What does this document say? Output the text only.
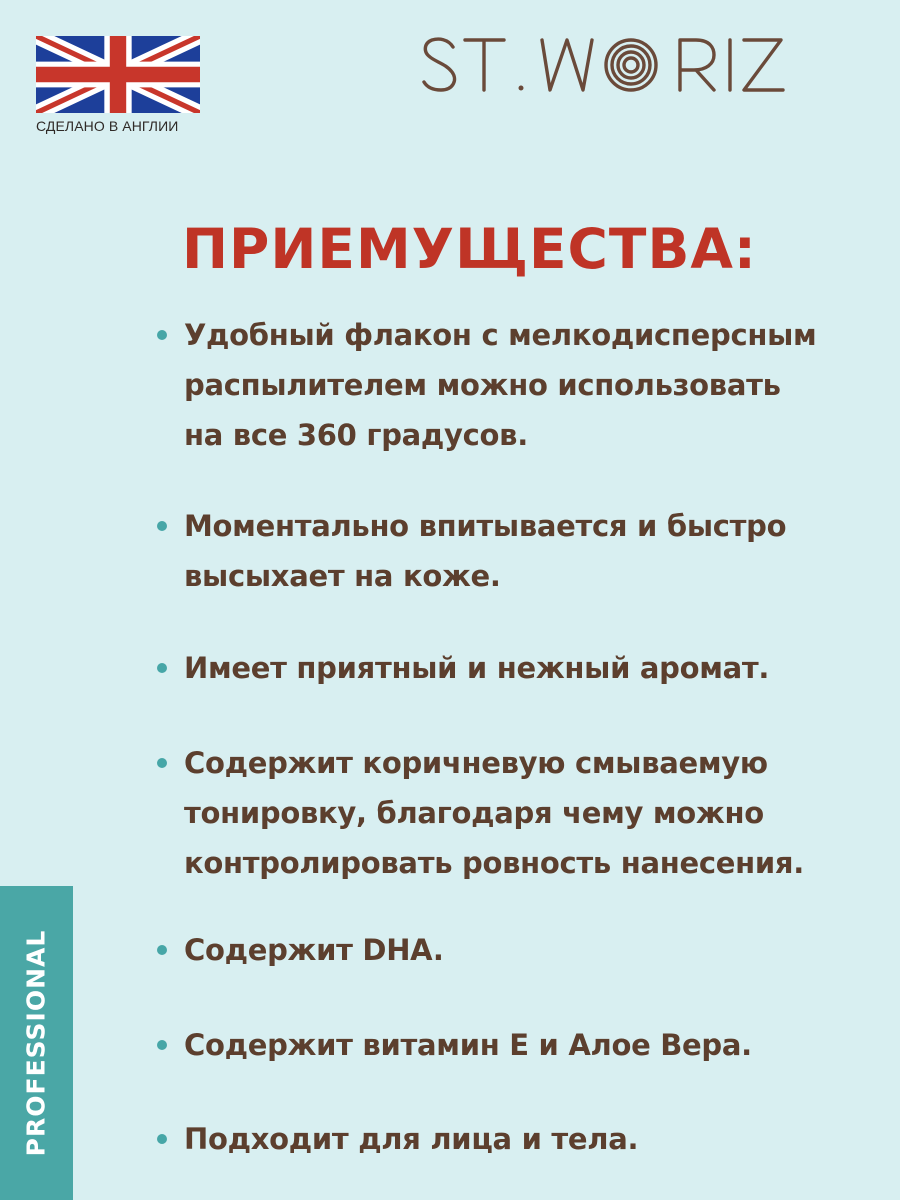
СДЕЛАНО В АНГЛИИ
ST. MORIZ
ПРИЕМУЩЕСТВА:
Удобный флакон с мелкодисперсным
распылителем можно использовать
на все 360 градусов.
Моментально впитывается и быстро
высыхает на коже.
Имеет приятный и нежный аромат.
Содержит коричневую смываемую
тонировку, благодаря чему можно
контролировать ровность нанесения.
Содержит DHA.
Содержит витамин Е и Алое Вера.
Подходит для лица и тела.
PROFESSIONAL
